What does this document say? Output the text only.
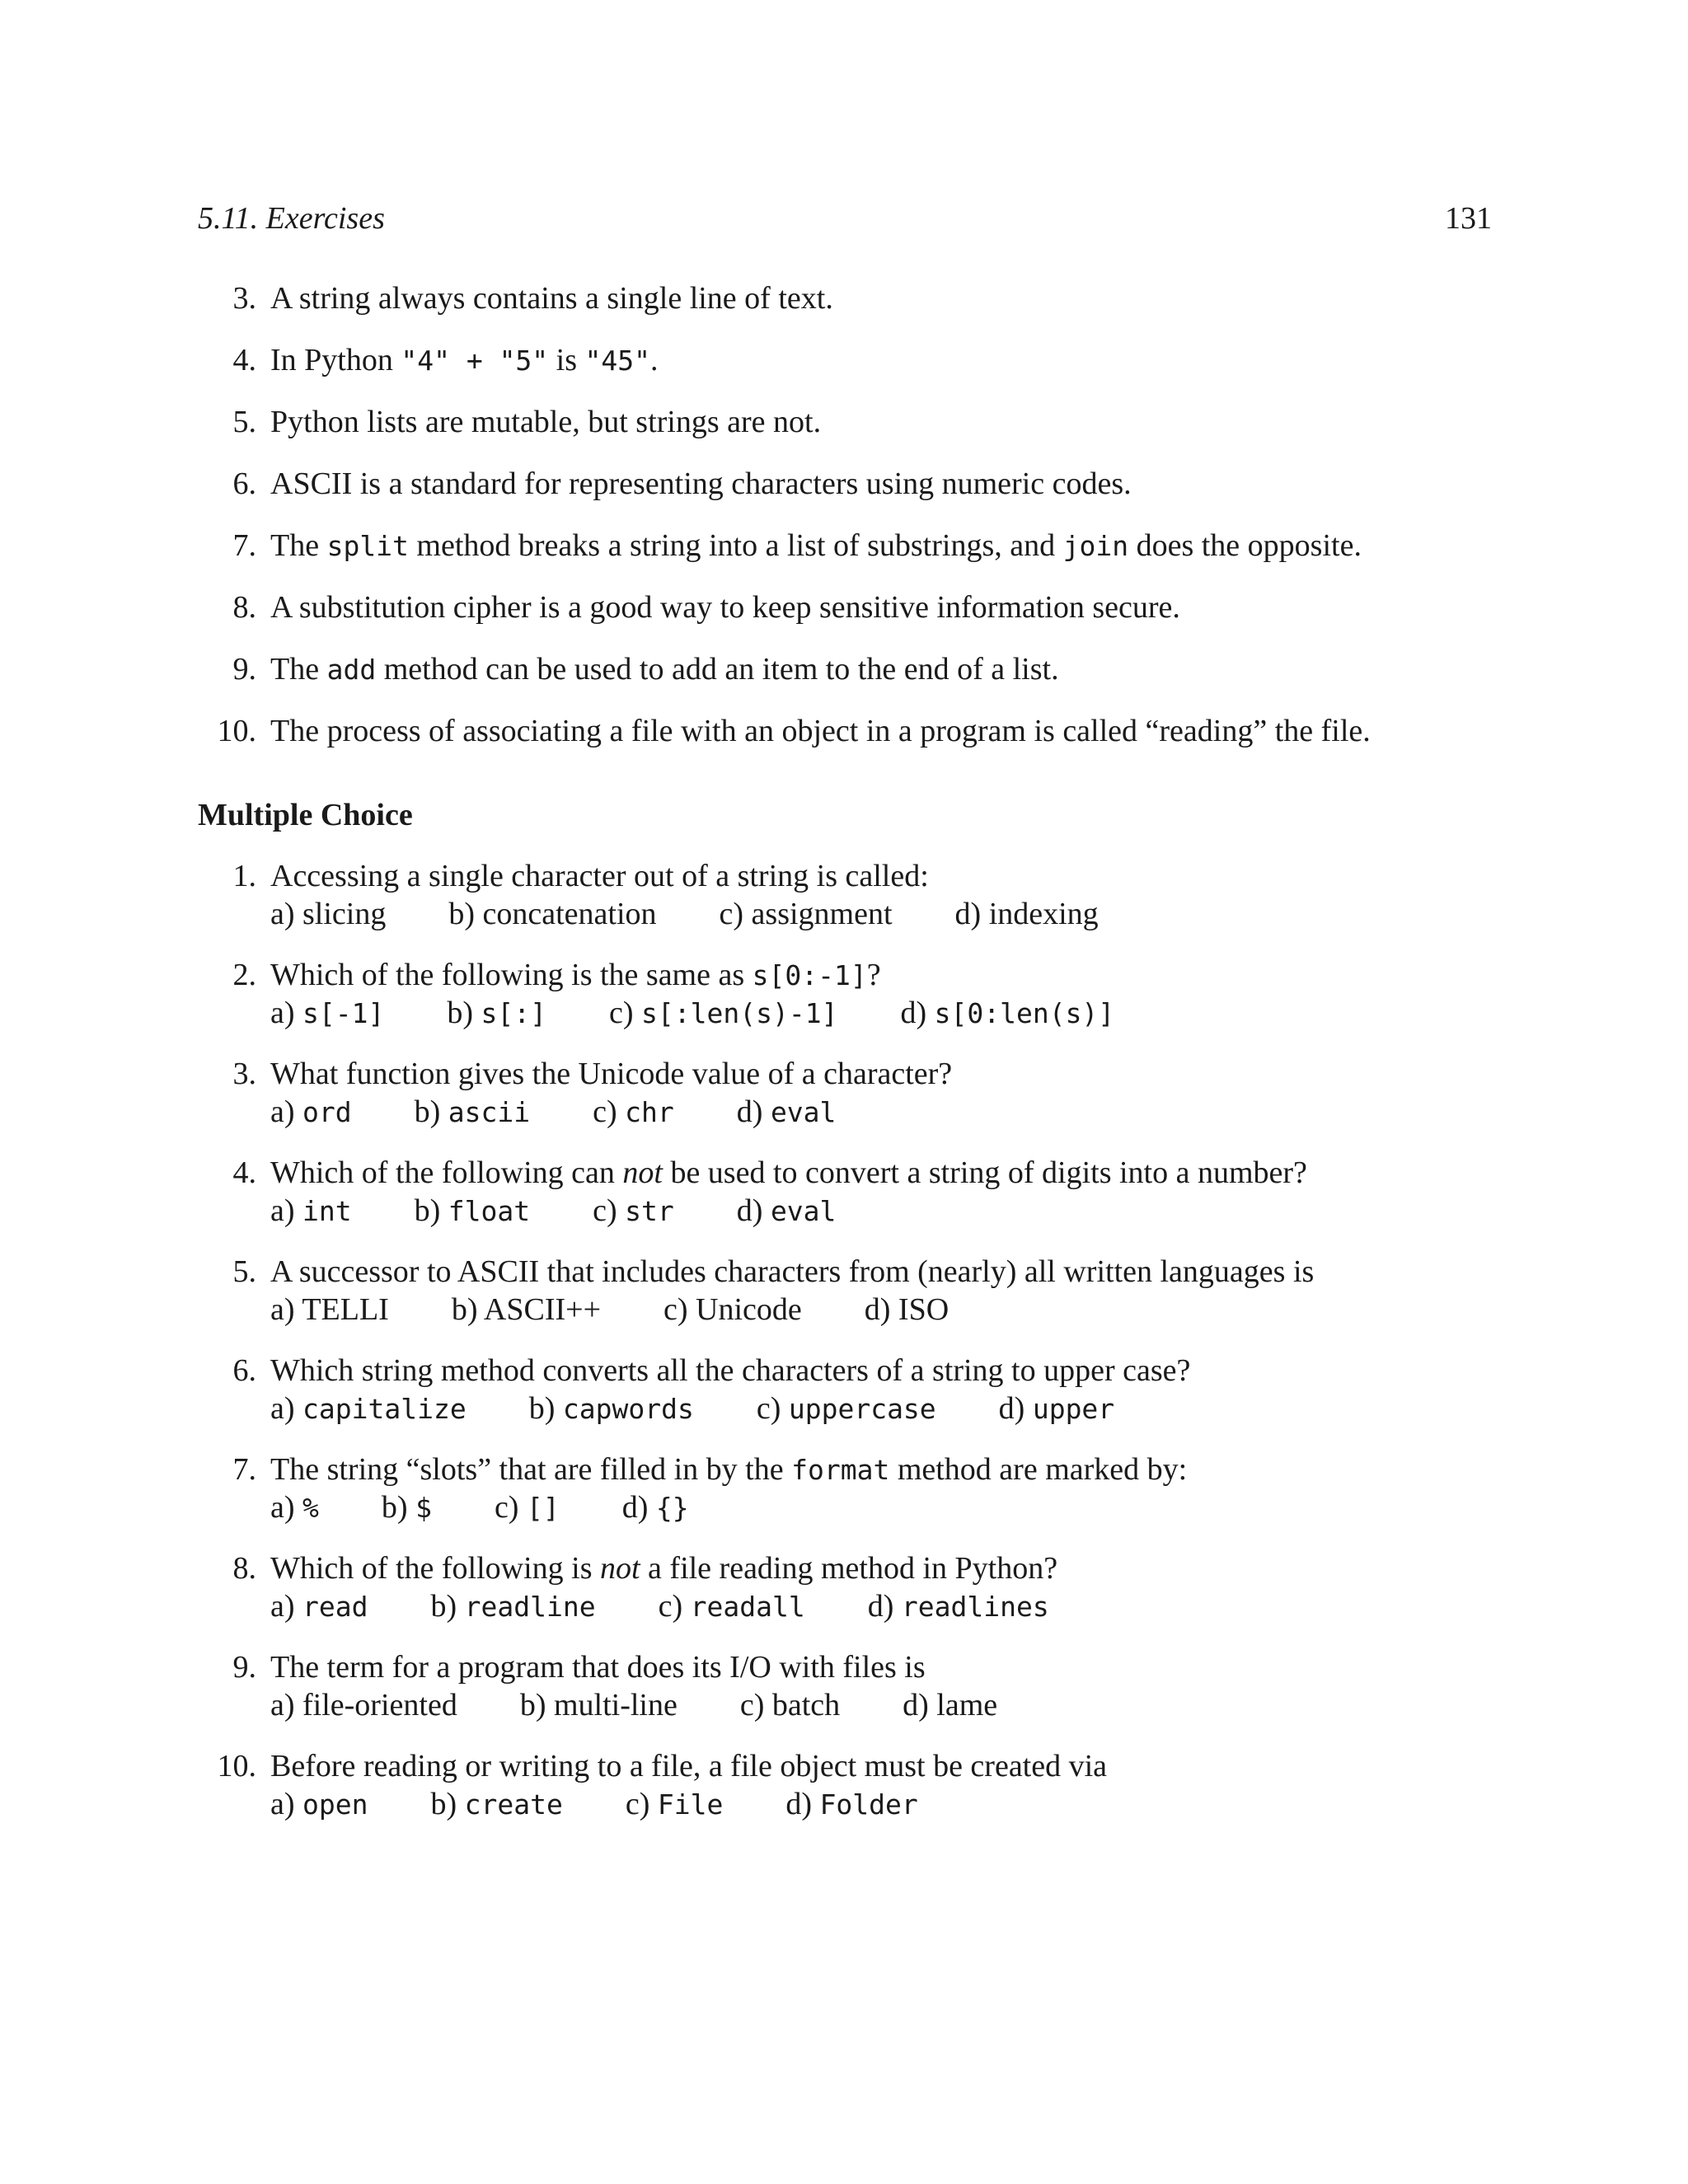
5.11. Exercises	131
3. A string always contains a single line of text.
4. In Python "4" + "5" is "45".
5. Python lists are mutable, but strings are not.
6. ASCII is a standard for representing characters using numeric codes.
7. The split method breaks a string into a list of substrings, and join does the opposite.
8. A substitution cipher is a good way to keep sensitive information secure.
9. The add method can be used to add an item to the end of a list.
10. The process of associating a file with an object in a program is called “reading” the file.
Multiple Choice
1. Accessing a single character out of a string is called:
a) slicing b) concatenation c) assignment d) indexing
2. Which of the following is the same as s[0:-1]?
a) s[-1] b) s[:] c) s[:len(s)-1] d) s[0:len(s)]
3. What function gives the Unicode value of a character?
a) ord b) ascii c) chr d) eval
4. Which of the following can not be used to convert a string of digits into a number?
a) int b) float c) str d) eval
5. A successor to ASCII that includes characters from (nearly) all written languages is
a) TELLI b) ASCII++ c) Unicode d) ISO
6. Which string method converts all the characters of a string to upper case?
a) capitalize b) capwords c) uppercase d) upper
7. The string “slots” that are filled in by the format method are marked by:
a) % b) $ c) [] d) {}
8. Which of the following is not a file reading method in Python?
a) read b) readline c) readall d) readlines
9. The term for a program that does its I/O with files is
a) file-oriented b) multi-line c) batch d) lame
10. Before reading or writing to a file, a file object must be created via
a) open b) create c) File d) Folder
